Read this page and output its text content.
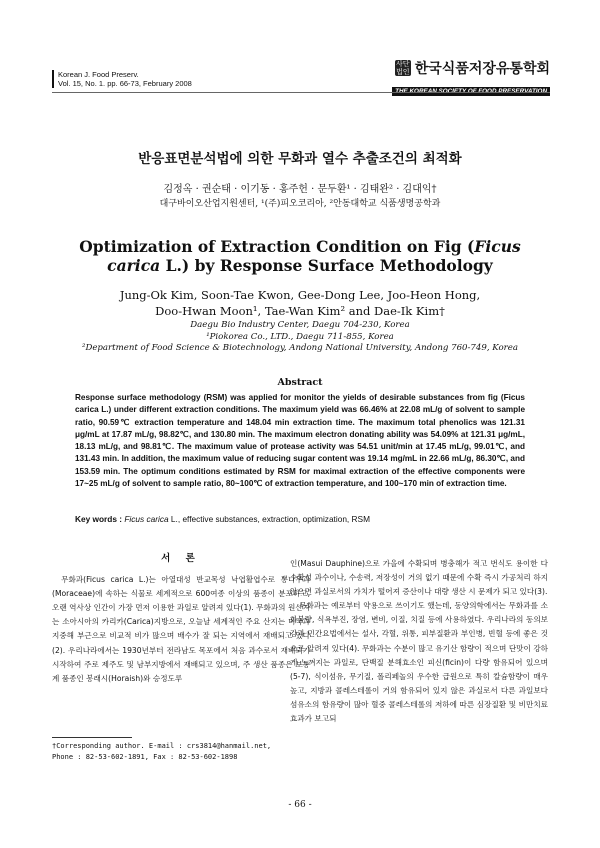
Korean J. Food Preserv.
Vol. 15, No. 1. pp. 66-73, February 2008
사단
법인 한국식품저장유통학회
THE KOREAN SOCIETY OF FOOD PRESERVATION
반응표면분석법에 의한 무화과 열수 추출조건의 최적화
김정옥 · 권순태 · 이기동 · 홍주헌 · 문두환¹ · 김태완² · 김대익†
대구바이오산업지원센터, ¹(주)피오코리아, ²안동대학교 식품생명공학과
Optimization of Extraction Condition on Fig (Ficus carica L.) by Response Surface Methodology
Jung-Ok Kim, Soon-Tae Kwon, Gee-Dong Lee, Joo-Heon Hong,
Doo-Hwan Moon¹, Tae-Wan Kim² and Dae-Ik Kim†
Daegu Bio Industry Center, Daegu 704-230, Korea
¹Piokorea Co., LTD., Daegu 711-855, Korea
²Department of Food Science & Biotechnology, Andong National University, Andong 760-749, Korea
Abstract
Response surface methodology (RSM) was applied for monitor the yields of desirable substances from fig (Ficus carica L.) under different extraction conditions. The maximum yield was 66.46% at 22.08 mL/g of solvent to sample ratio, 90.59℃ extraction temperature and 148.04 min extraction time. The maximum total phenolics was 121.31 μg/mL at 17.87 mL/g, 98.82℃, and 130.80 min. The maximum electron donating ability was 54.09% at 121.31 μg/mL, 18.13 mL/g, and 98.81℃. The maximum value of protease activity was 54.51 unit/min at 17.45 mL/g, 99.01℃, and 131.43 min. In addition, the maximum value of reducing sugar content was 19.14 mg/mL in 22.66 mL/g, 86.30℃, and 153.59 min. The optimum conditions estimated by RSM for maximal extraction of the effective components were 17~25 mL/g of solvent to sample ratio, 80~100℃ of extraction temperature, and 100~170 min of extraction time.
Key words : Ficus carica L., effective substances, extraction, optimization, RSM
서 론

무화과(Ficus carica L.)는 아열대성 반교목성 낙엽활엽수로 뽕나무과(Moraceae)에 속하는 식물로 세계적으로 600여종 이상의 품종이 분포하고, 오랜 역사상 인간이 가장 먼저 이용한 과일로 알려져 있다(1). 무화과의 원산지는 소아시아의 카리카(Carica)지방으로, 오늘날 세계적인 주요 산지는 미국과 지중해 부근으로 비교적 비가 많으며 배수가 잘 되는 지역에서 재배되고 있다(2). 우리나라에서는 1930년부터 전라남도 목포에서 처음 과수로서 재배되기 시작하여 주로 제주도 및 남부지방에서 재배되고 있으며, 주 생산 품종은 보통계 품종인 봉래시(Horaish)와 승정도루

인(Masui Dauphine)으로 가을에 수확되며 병충해가 적고 번식도 용이한 다수확성 과수이나, 수송력, 저장성이 거의 없기 때문에 수확 즉시 가공처리 하지 않으면 과실로서의 가치가 떨어져 증산이나 대량 생산 시 문제가 되고 있다(3).

무화과는 예로부터 약용으로 쓰이기도 했는데, 동양의학에서는 무화과를 소화불량, 식욕부진, 장염, 변비, 이질, 치질 등에 사용하였다. 우리나라의 동의보감과 민간요법에서는 설사, 각혈, 위통, 피부질환과 부인병, 빈혈 등에 좋은 것으로 알려져 있다(4). 무화과는 수분이 많고 유기산 함량이 적으며 단맛이 강하게 느껴지는 과일로, 단백질 분해효소인 피신(ficin)이 다량 함유되어 있으며(5-7), 식이섬유, 무기질, 폴리페놀의 우수한 급원으로 특히 칼슘함량이 매우 높고, 지방과 콜레스테롤이 거의 함유되어 있지 않은 과실로서 다른 과일보다 섬유소의 함유량이 많아 혈중 콜레스테롤의 저하에 따른 심장질환 및 비만치료효과가 보고되

†Corresponding author. E-mail : crs3814@hanmail.net,
Phone : 82-53-602-1891, Fax : 82-53-602-1898
- 66 -
